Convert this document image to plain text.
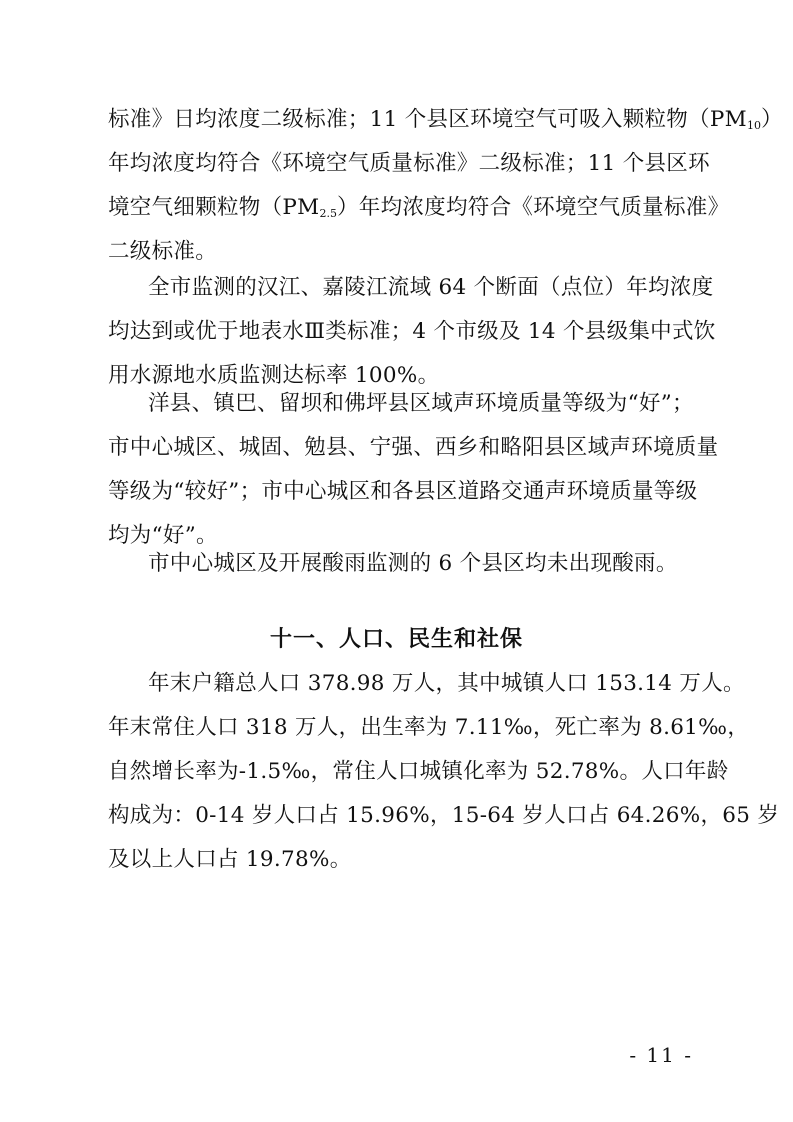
标准》日均浓度二级标准；11 个县区环境空气可吸入颗粒物$(PM_{10})$
年均浓度均符合《环境空气质量标准》二级标准；11 个县区环
境空气细颗粒物$(PM_{2.5})$年均浓度均符合《环境空气质量标准》
二级标准。
全市监测的汉江、嘉陵江流域 64 个断面（点位）年均浓度
均达到或优于地表水Ⅲ类标准；4 个市级及 14 个县级集中式饮
用水源地水质监测达标率 100%。
洋县、镇巴、留坝和佛坪县区域声环境质量等级为“好”；
市中心城区、城固、勉县、宁强、西乡和略阳县区域声环境质量
等级为“较好”；市中心城区和各县区道路交通声环境质量等级
均为“好”。
市中心城区及开展酸雨监测的 6 个县区均未出现酸雨。
十一、人口、民生和社保
年末户籍总人口 378.98 万人，其中城镇人口 153.14 万人。
年末常住人口 318 万人，出生率为 7.11‰，死亡率为 8.61‰，
自然增长率为-1.5‰，常住人口城镇化率为 52.78%。人口年龄
构成为：0-14 岁人口占 15.96%，15-64 岁人口占 64.26%，65 岁
及以上人口占 19.78%。
- 11 -
